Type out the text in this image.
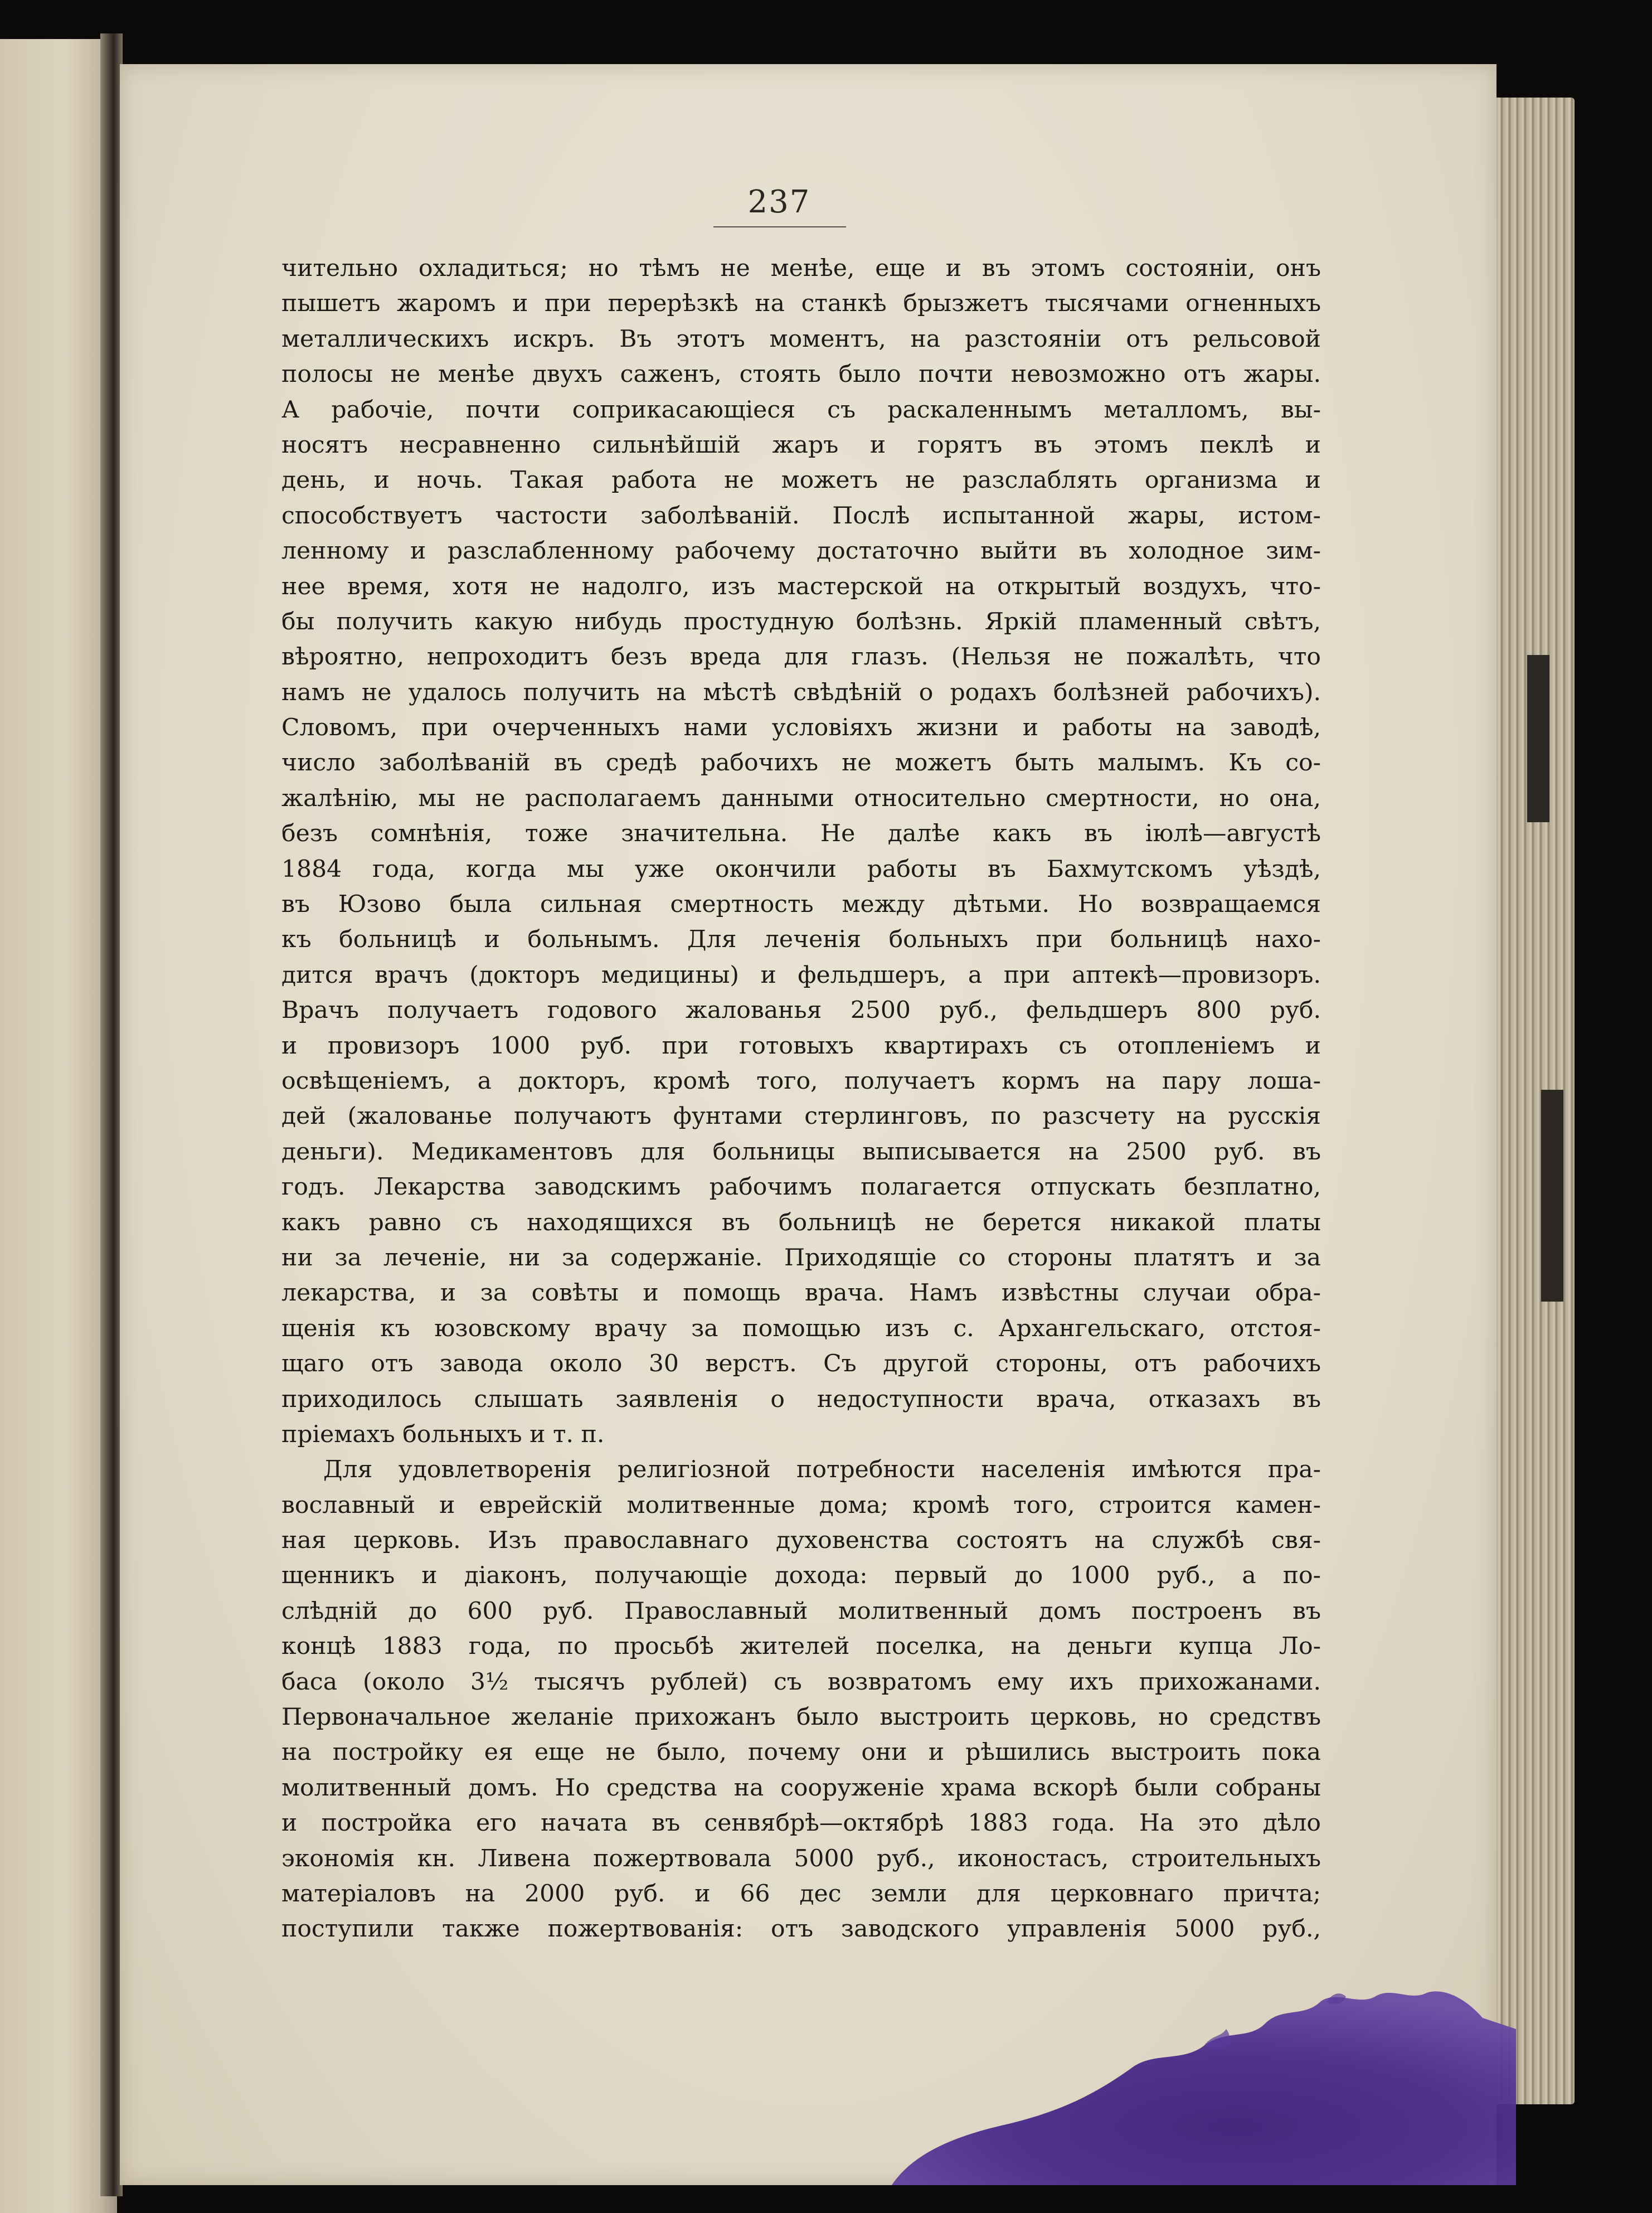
237
чительно охладиться; но тѣмъ не менѣе, еще и въ этомъ состояніи, онъ
пышетъ жаромъ и при перерѣзкѣ на станкѣ брызжетъ тысячами огненныхъ
металлическихъ искръ. Въ этотъ моментъ, на разстояніи отъ рельсовой
полосы не менѣе двухъ саженъ, стоять было почти невозможно отъ жары.
А рабочіе, почти соприкасающіеся съ раскаленнымъ металломъ, вы-
носятъ несравненно сильнѣйшій жаръ и горятъ въ этомъ пеклѣ и
день, и ночь. Такая работа не можетъ не разслаблять организма и
способствуетъ частости заболѣваній. Послѣ испытанной жары, истом-
ленному и разслабленному рабочему достаточно выйти въ холодное зим-
нее время, хотя не надолго, изъ мастерской на открытый воздухъ, что-
бы получить какую нибудь простудную болѣзнь. Яркій пламенный свѣтъ,
вѣроятно, непроходитъ безъ вреда для глазъ. (Нельзя не пожалѣть, что
намъ не удалось получить на мѣстѣ свѣдѣній о родахъ болѣзней рабочихъ).
Словомъ, при очерченныхъ нами условіяхъ жизни и работы на заводѣ,
число заболѣваній въ средѣ рабочихъ не можетъ быть малымъ. Къ со-
жалѣнію, мы не располагаемъ данными относительно смертности, но она,
безъ сомнѣнія, тоже значительна. Не далѣе какъ въ іюлѣ—августѣ
1884 года, когда мы уже окончили работы въ Бахмутскомъ уѣздѣ,
въ Юзово была сильная смертность между дѣтьми. Но возвращаемся
къ больницѣ и больнымъ. Для леченія больныхъ при больницѣ нахо-
дится врачъ (докторъ медицины) и фельдшеръ, а при аптекѣ—провизоръ.
Врачъ получаетъ годового жалованья 2500 руб., фельдшеръ 800 руб.
и провизоръ 1000 руб. при готовыхъ квартирахъ съ отопленіемъ и
освѣщеніемъ, а докторъ, кромѣ того, получаетъ кормъ на пару лоша-
дей (жалованье получаютъ фунтами стерлинговъ, по разсчету на русскія
деньги). Медикаментовъ для больницы выписывается на 2500 руб. въ
годъ. Лекарства заводскимъ рабочимъ полагается отпускать безплатно,
какъ равно съ находящихся въ больницѣ не берется никакой платы
ни за леченіе, ни за содержаніе. Приходящіе со стороны платятъ и за
лекарства, и за совѣты и помощь врача. Намъ извѣстны случаи обра-
щенія къ юзовскому врачу за помощью изъ с. Архангельскаго, отстоя-
щаго отъ завода около 30 верстъ. Съ другой стороны, отъ рабочихъ
приходилось слышать заявленія о недоступности врача, отказахъ въ
пріемахъ больныхъ и т. п.
Для удовлетворенія религіозной потребности населенія имѣются пра-
вославный и еврейскій молитвенные дома; кромѣ того, строится камен-
ная церковь. Изъ православнаго духовенства состоятъ на службѣ свя-
щенникъ и діаконъ, получающіе дохода: первый до 1000 руб., а по-
слѣдній до 600 руб. Православный молитвенный домъ построенъ въ
концѣ 1883 года, по просьбѣ жителей поселка, на деньги купца Ло-
баса (около 3½ тысячъ рублей) съ возвратомъ ему ихъ прихожанами.
Первоначальное желаніе прихожанъ было выстроить церковь, но средствъ
на постройку ея еще не было, почему они и рѣшились выстроить пока
молитвенный домъ. Но средства на сооруженіе храма вскорѣ были собраны
и постройка его начата въ сенвябрѣ—октябрѣ 1883 года. На это дѣло
экономія кн. Ливена пожертвовала 5000 руб., иконостасъ, строительныхъ
матеріаловъ на 2000 руб. и 66 дес земли для церковнаго причта;
поступили также пожертвованія: отъ заводского управленія 5000 руб.,
